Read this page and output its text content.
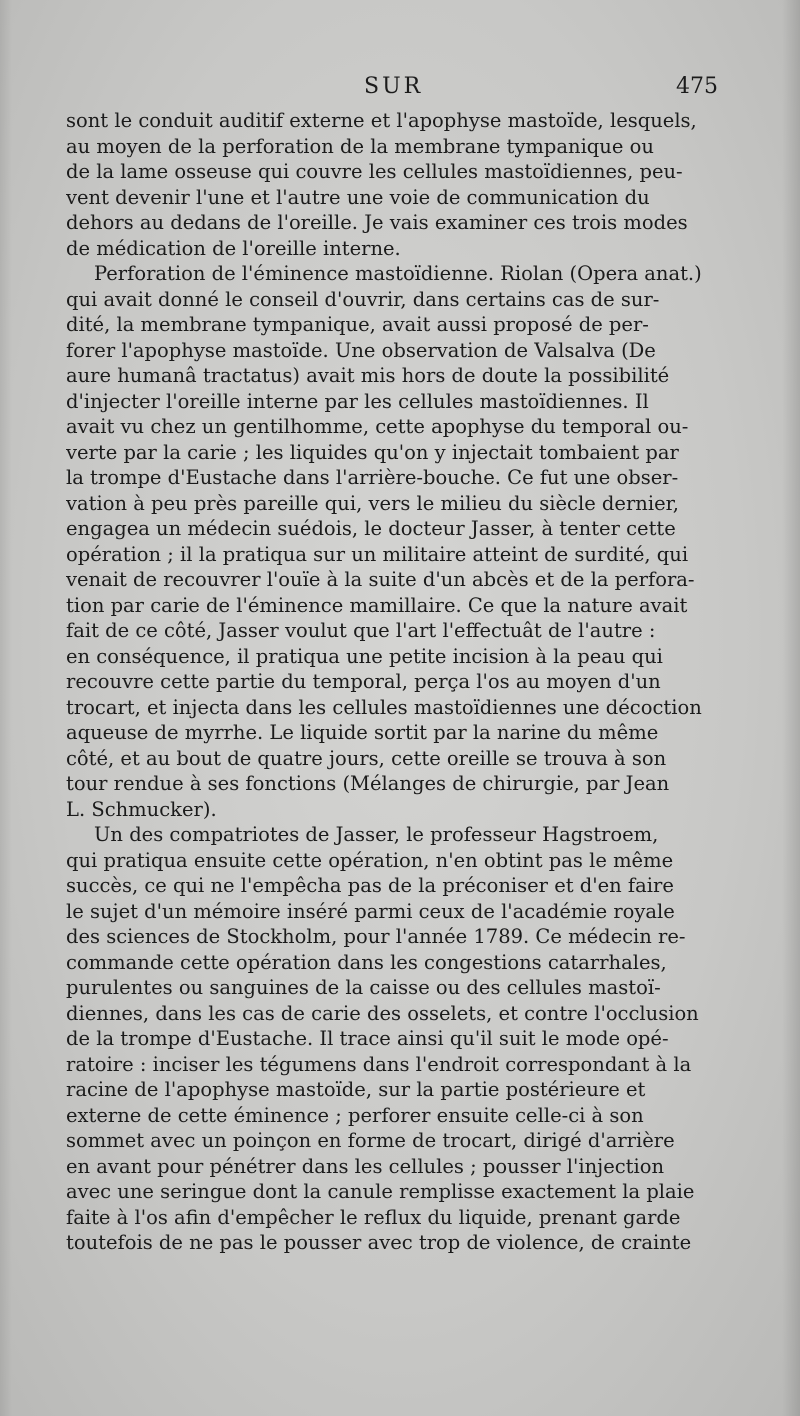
SUR	475
sont le conduit auditif externe et l'apophyse mastoïde, lesquels,
au moyen de la perforation de la membrane tympanique ou
de la lame osseuse qui couvre les cellules mastoïdiennes, peu-
vent devenir l'une et l'autre une voie de communication du
dehors au dedans de l'oreille. Je vais examiner ces trois modes
de médication de l'oreille interne.
Perforation de l'éminence mastoïdienne. Riolan (Opera anat.)
qui avait donné le conseil d'ouvrir, dans certains cas de sur-
dité, la membrane tympanique, avait aussi proposé de per-
forer l'apophyse mastoïde. Une observation de Valsalva (De
aure humanâ tractatus) avait mis hors de doute la possibilité
d'injecter l'oreille interne par les cellules mastoïdiennes. Il
avait vu chez un gentilhomme, cette apophyse du temporal ou-
verte par la carie ; les liquides qu'on y injectait tombaient par
la trompe d'Eustache dans l'arrière-bouche. Ce fut une obser-
vation à peu près pareille qui, vers le milieu du siècle dernier,
engagea un médecin suédois, le docteur Jasser, à tenter cette
opération ; il la pratiqua sur un militaire atteint de surdité, qui
venait de recouvrer l'ouïe à la suite d'un abcès et de la perfora-
tion par carie de l'éminence mamillaire. Ce que la nature avait
fait de ce côté, Jasser voulut que l'art l'effectuât de l'autre :
en conséquence, il pratiqua une petite incision à la peau qui
recouvre cette partie du temporal, perça l'os au moyen d'un
trocart, et injecta dans les cellules mastoïdiennes une décoction
aqueuse de myrrhe. Le liquide sortit par la narine du même
côté, et au bout de quatre jours, cette oreille se trouva à son
tour rendue à ses fonctions (Mélanges de chirurgie, par Jean
L. Schmucker).
Un des compatriotes de Jasser, le professeur Hagstroem,
qui pratiqua ensuite cette opération, n'en obtint pas le même
succès, ce qui ne l'empêcha pas de la préconiser et d'en faire
le sujet d'un mémoire inséré parmi ceux de l'académie royale
des sciences de Stockholm, pour l'année 1789. Ce médecin re-
commande cette opération dans les congestions catarrhales,
purulentes ou sanguines de la caisse ou des cellules mastoï-
diennes, dans les cas de carie des osselets, et contre l'occlusion
de la trompe d'Eustache. Il trace ainsi qu'il suit le mode opé-
ratoire : inciser les tégumens dans l'endroit correspondant à la
racine de l'apophyse mastoïde, sur la partie postérieure et
externe de cette éminence ; perforer ensuite celle-ci à son
sommet avec un poinçon en forme de trocart, dirigé d'arrière
en avant pour pénétrer dans les cellules ; pousser l'injection
avec une seringue dont la canule remplisse exactement la plaie
faite à l'os afin d'empêcher le reflux du liquide, prenant garde
toutefois de ne pas le pousser avec trop de violence, de crainte
